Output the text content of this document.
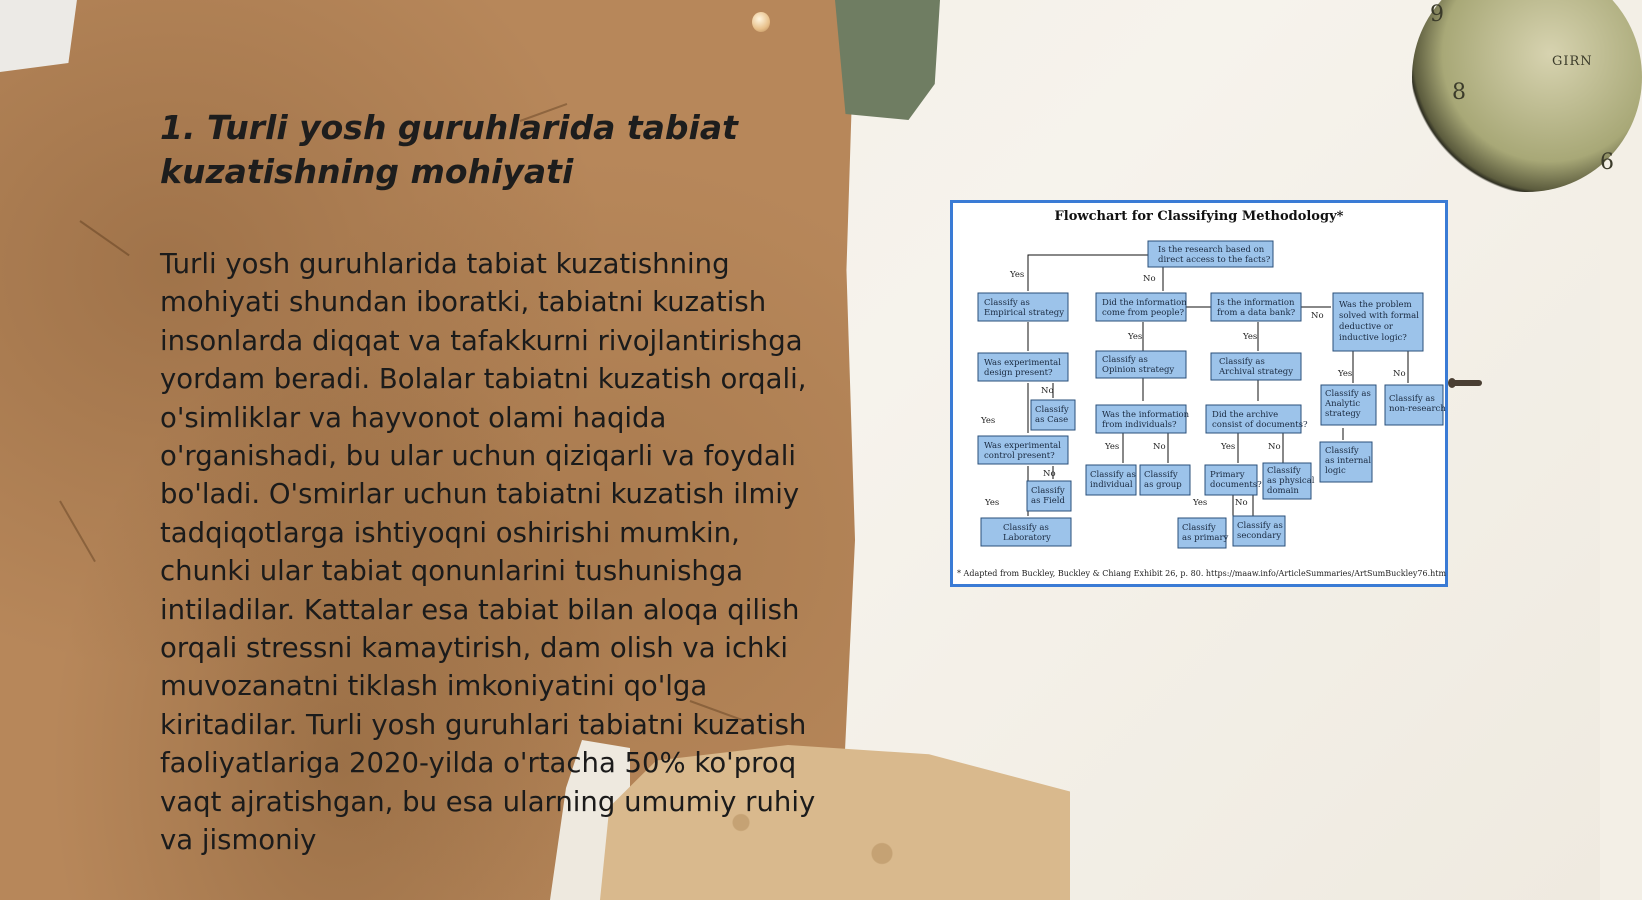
9
8
6
GIRN
1. Turli yosh guruhlarida tabiat kuzatishning mohiyati

Turli yosh guruhlarida tabiat kuzatishning mohiyati shundan iboratki, tabiatni kuzatish insonlarda diqqat va tafakkurni rivojlantirishga yordam beradi. Bolalar tabiatni kuzatish orqali, o'simliklar va hayvonot olami haqida o'rganishadi, bu ular uchun qiziqarli va foydali bo'ladi. O'smirlar uchun tabiatni kuzatish ilmiy tadqiqotlarga ishtiyoqni oshirishi mumkin, chunki ular tabiat qonunlarini tushunishga intiladilar. Kattalar esa tabiat bilan aloqa qilish orqali stressni kamaytirish, dam olish va ichki muvozanatni tiklash imkoniyatini qo'lga kiritadilar. Turli yosh guruhlari tabiatni kuzatish faoliyatlariga 2020-yilda o'rtacha 50% ko'proq vaqt ajratishgan, bu esa ularning umumiy ruhiy va jismoniy

Flowchart for Classifying Methodology*
Yes	No
Yes	Yes
No
No
Yes
Yes	No
Yes	No	Yes	No
No
Yes	Yes	No
Is the research based on
direct access to the facts?
Classify as
Empirical strategy
Did the information
come from people?
Is the information
from a data bank?
Was the problem
solved with formal
deductive or
inductive logic?
Was experimental
design present?
Classify as
Opinion strategy
Classify as
Archival strategy
Classify as
Analytic
strategy
Classify as
non-research
Classify
as Case	Was the information
from individuals?
Did the archive
consist of documents?
Was experimental
control present?	Classify
as internal
logic
Classify as
individual
Classify
as group
Primary
documents?
Classify
as physical
domain
Classify
as Field
Classify as
Laboratory
Classify
as primary
Classify as
secondary
* Adapted from Buckley, Buckley & Chiang Exhibit 26, p. 80. https://maaw.info/ArticleSummaries/ArtSumBuckley76.htm
